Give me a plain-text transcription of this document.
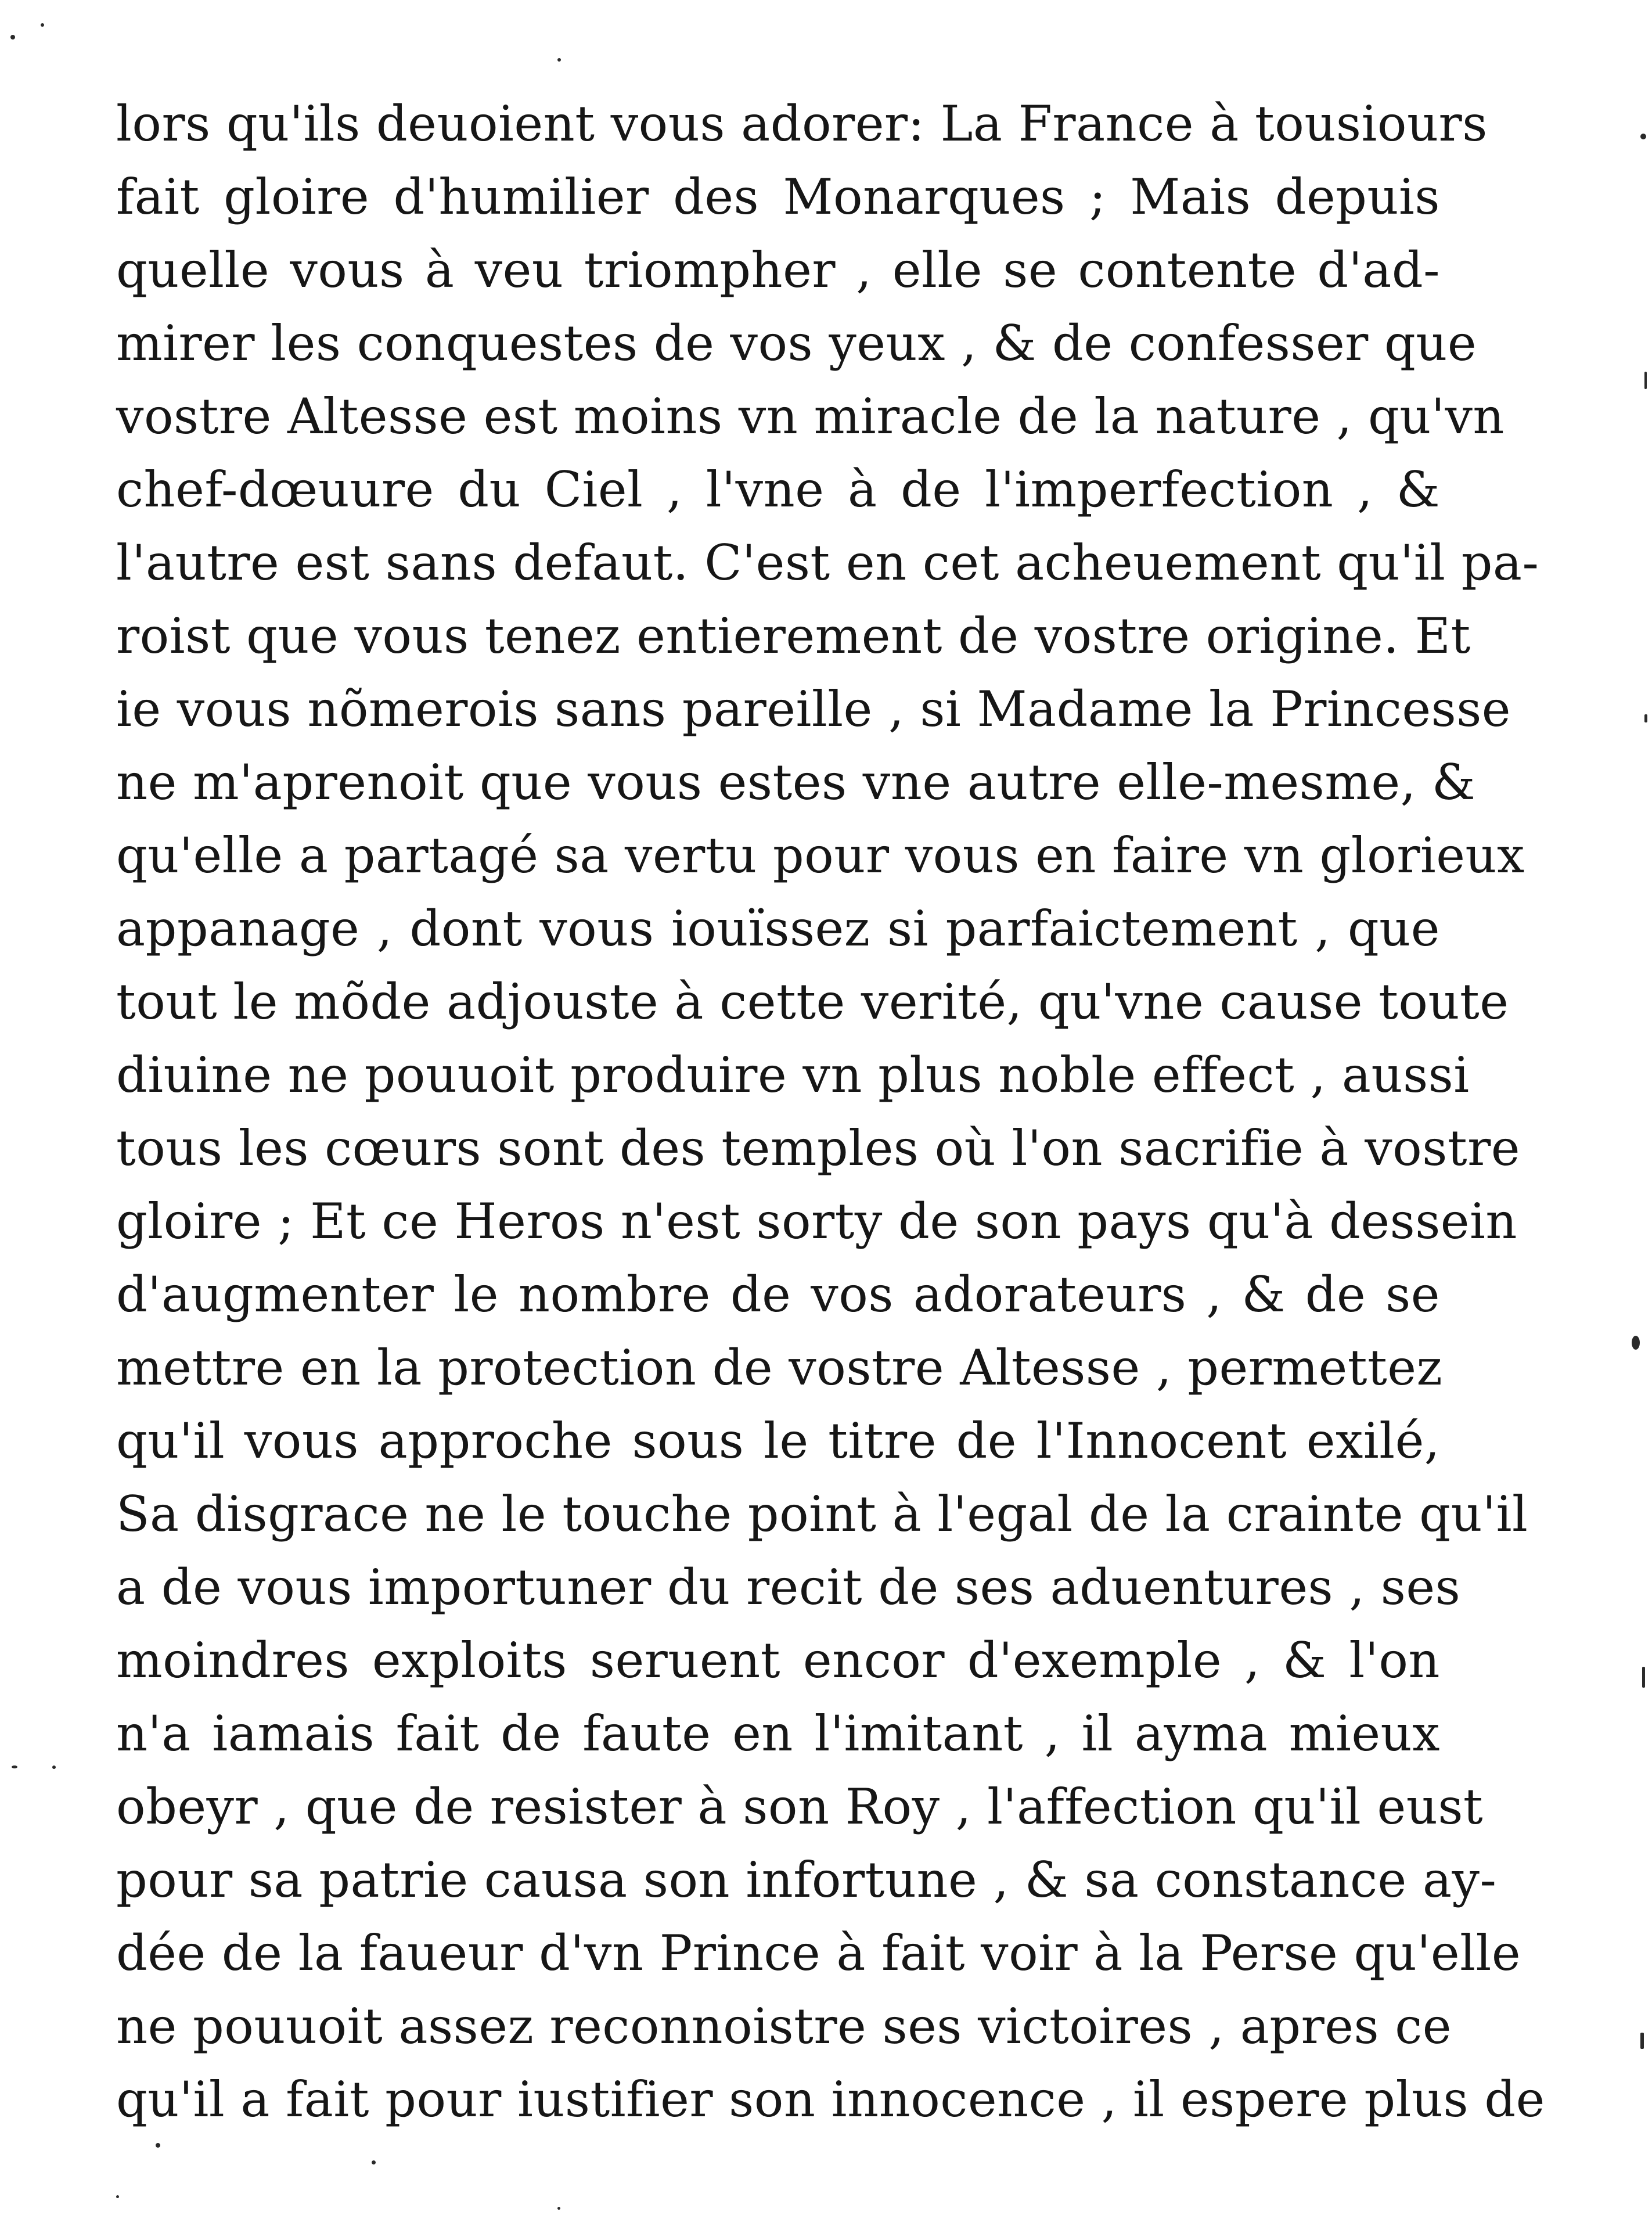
lors qu'ils deuoient vous adorer: La France à tousiours
fait gloire d'humilier des Monarques ; Mais depuis
quelle vous à veu triompher , elle se contente d'ad-
mirer les conquestes de vos yeux , & de confesser que
vostre Altesse est moins vn miracle de la nature , qu'vn
chef-dœuure du Ciel , l'vne à de l'imperfection , &
l'autre est sans defaut. C'est en cet acheuement qu'il pa-
roist que vous tenez entierement de vostre origine. Et
ie vous nõmerois sans pareille , si Madame la Princesse
ne m'aprenoit que vous estes vne autre elle-mesme, &
qu'elle a partagé sa vertu pour vous en faire vn glorieux
appanage , dont vous iouïssez si parfaictement , que
tout le mõde adjouste à cette verité, qu'vne cause toute
diuine ne pouuoit produire vn plus noble effect , aussi
tous les cœurs sont des temples où l'on sacrifie à vostre
gloire ; Et ce Heros n'est sorty de son pays qu'à dessein
d'augmenter le nombre de vos adorateurs , & de se
mettre en la protection de vostre Altesse , permettez
qu'il vous approche sous le titre de l'Innocent exilé,
Sa disgrace ne le touche point à l'egal de la crainte qu'il
a de vous importuner du recit de ses aduentures , ses
moindres exploits seruent encor d'exemple , & l'on
n'a iamais fait de faute en l'imitant , il ayma mieux
obeyr , que de resister à son Roy , l'affection qu'il eust
pour sa patrie causa son infortune , & sa constance ay-
dée de la faueur d'vn Prince à fait voir à la Perse qu'elle
ne pouuoit assez reconnoistre ses victoires , apres ce
qu'il a fait pour iustifier son innocence , il espere plus de
